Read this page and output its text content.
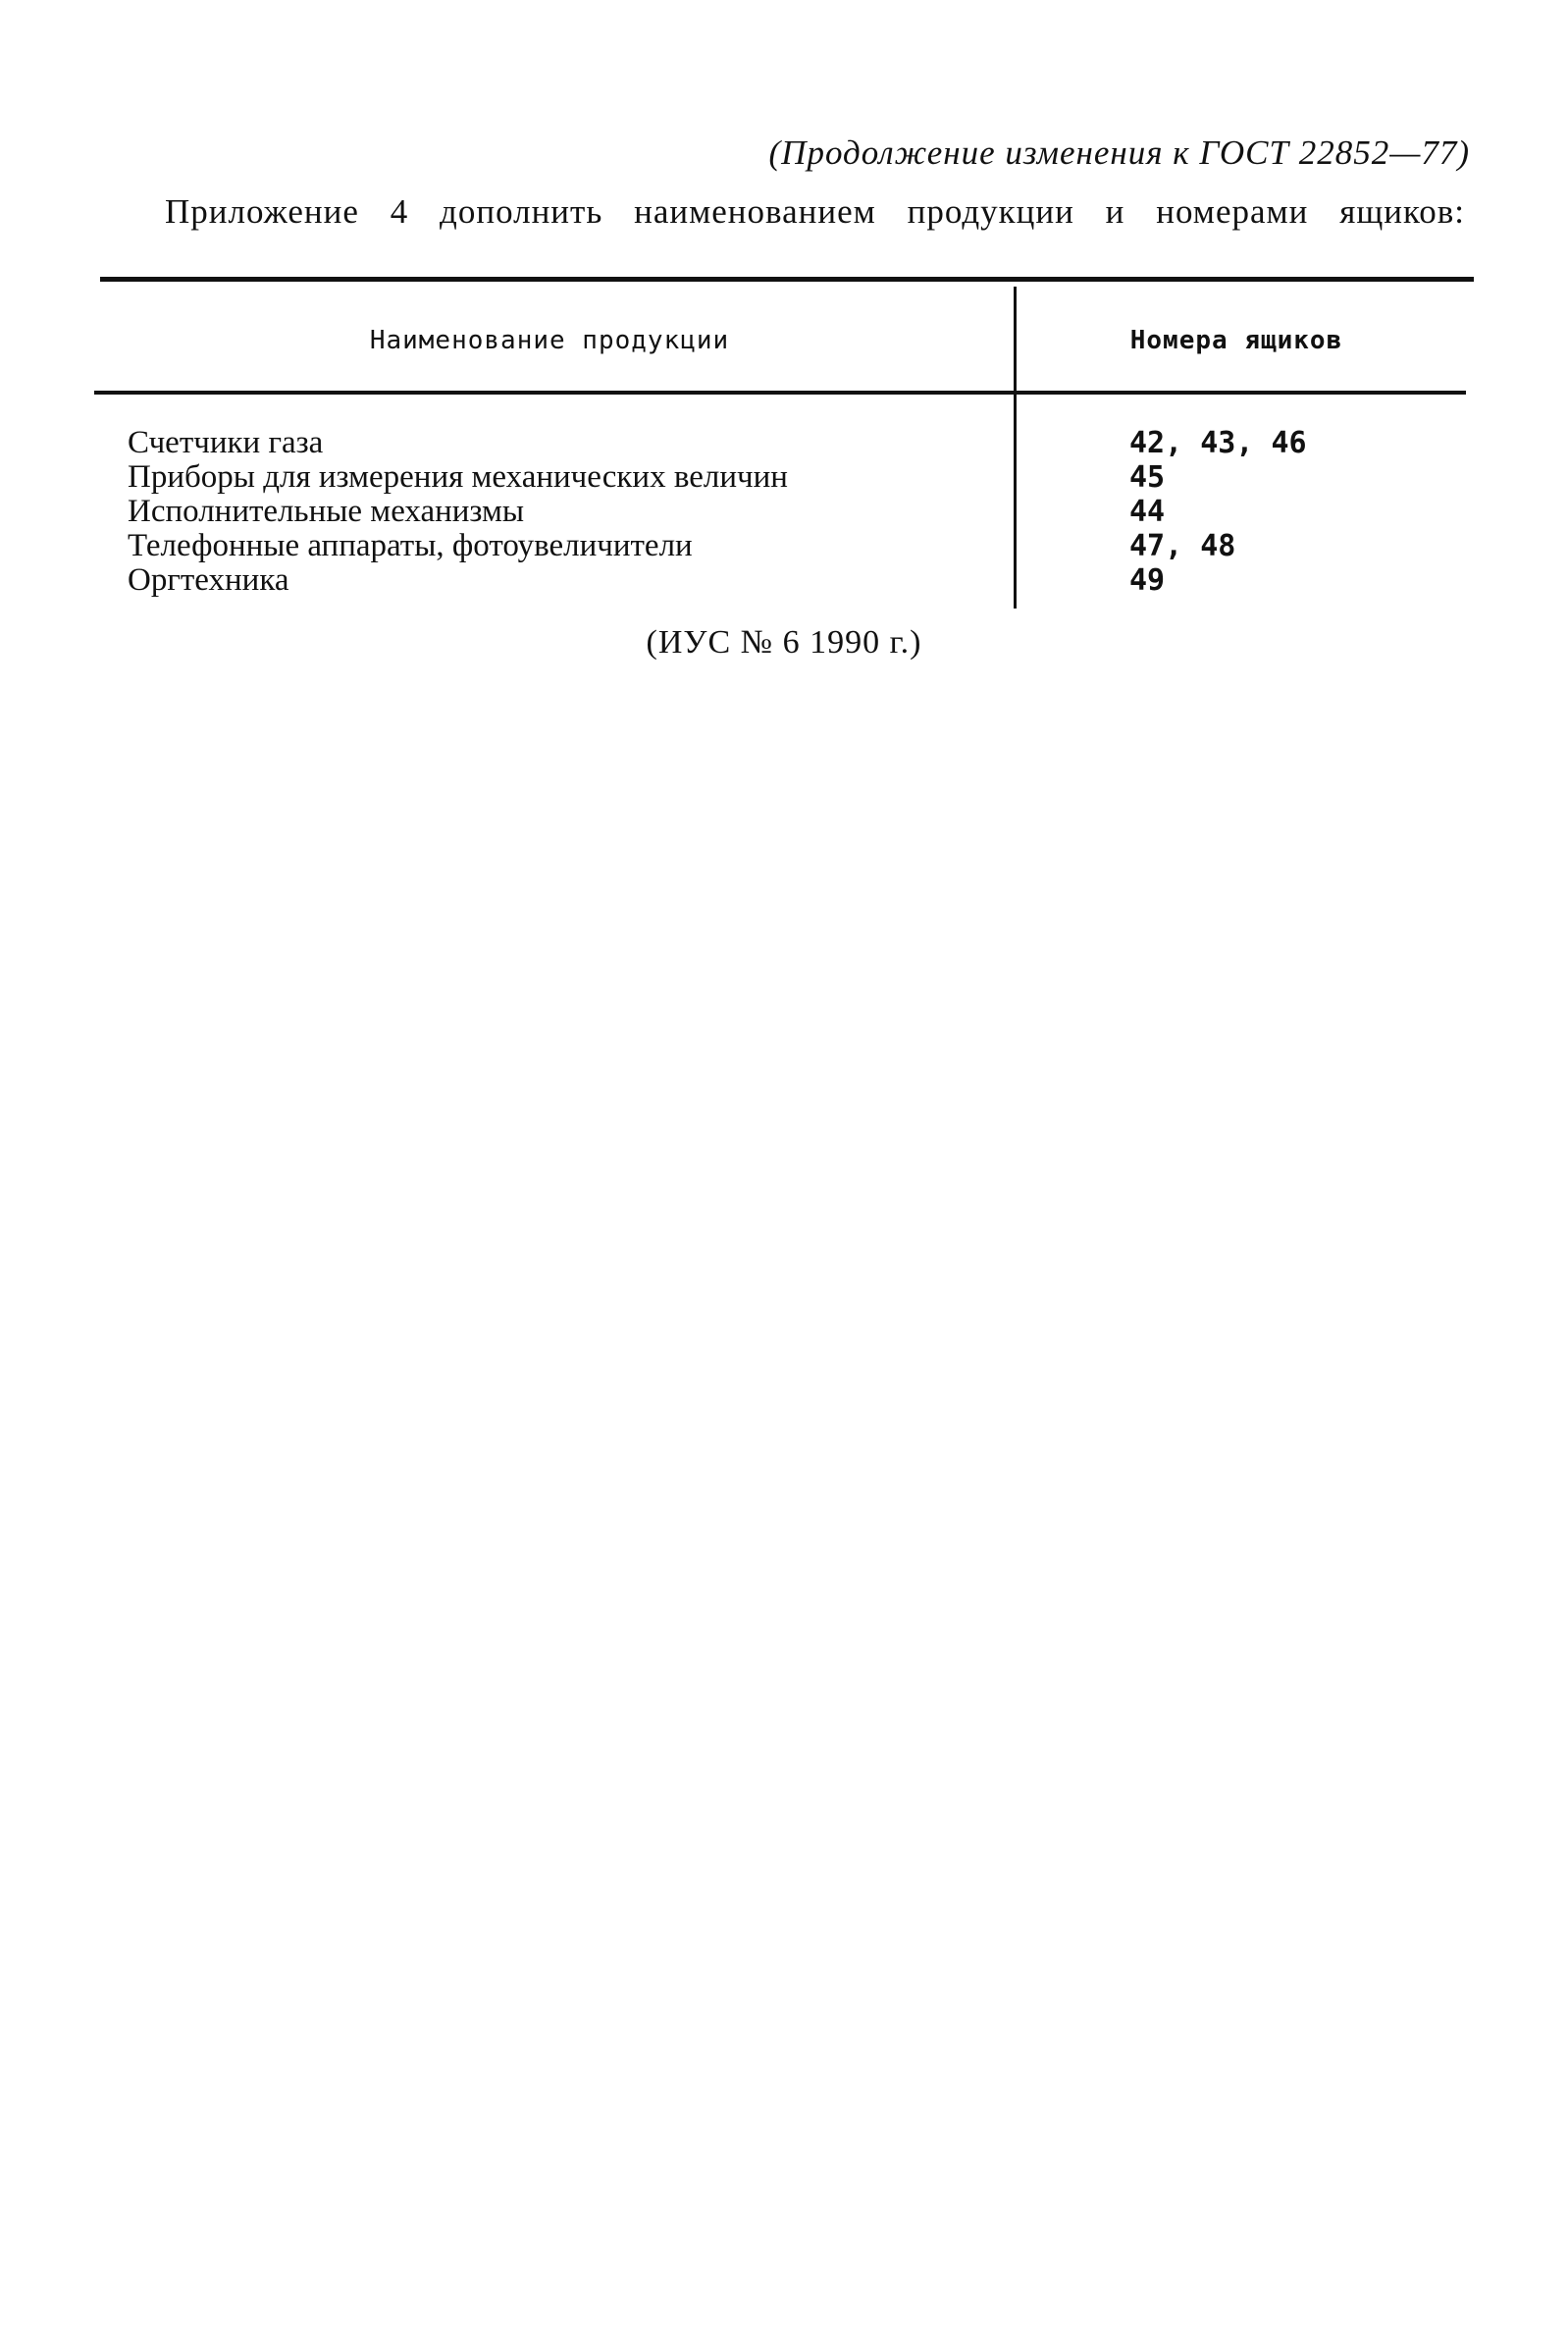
(Продолжение изменения к ГОСТ 22852—77)
Приложение 4 дополнить наименованием продукции и номерами ящиков:
Наименование продукции	Номера ящиков
Счетчики газа	42, 43, 46
Приборы для измерения механических величин	45
Исполнительные механизмы	44
Телефонные аппараты, фотоувеличители	47, 48
Оргтехника	49
(ИУС № 6 1990 г.)
